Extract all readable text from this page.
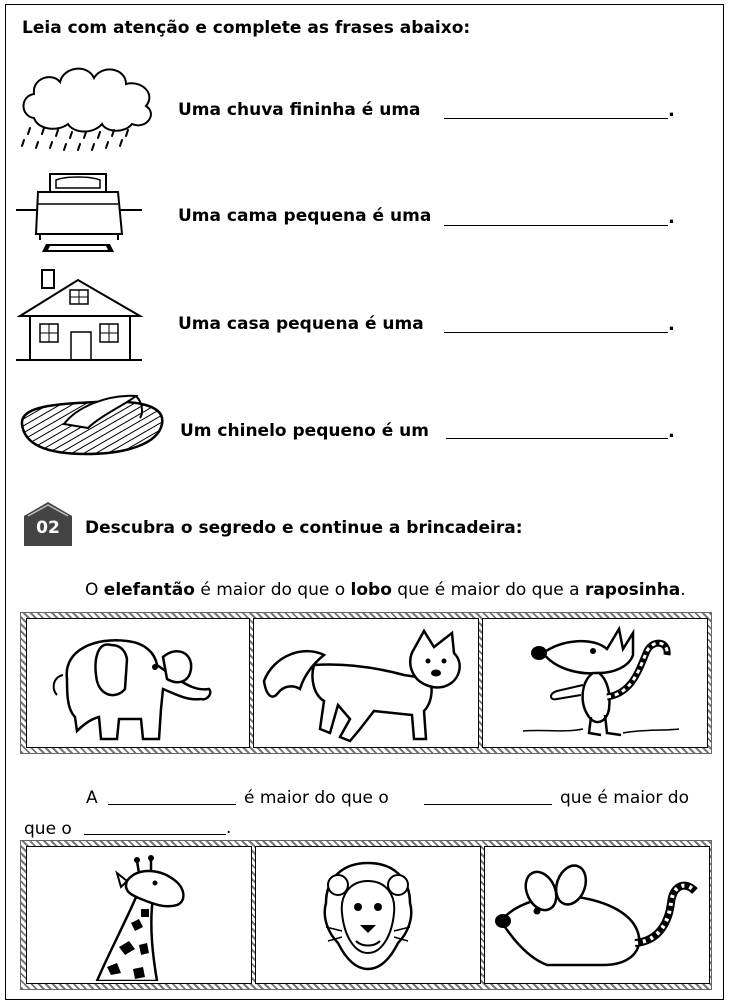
Leia com atenção e complete as frases abaixo:
Uma chuva fininha é uma	.
Uma cama pequena é uma	.
Uma casa pequena é uma	.
Um chinelo pequeno é um	.
02	Descubra o segredo e continue a brincadeira:
O elefantão é maior do que o lobo que é maior do que a raposinha.
A	é maior do que o	que é maior do
que o	.
